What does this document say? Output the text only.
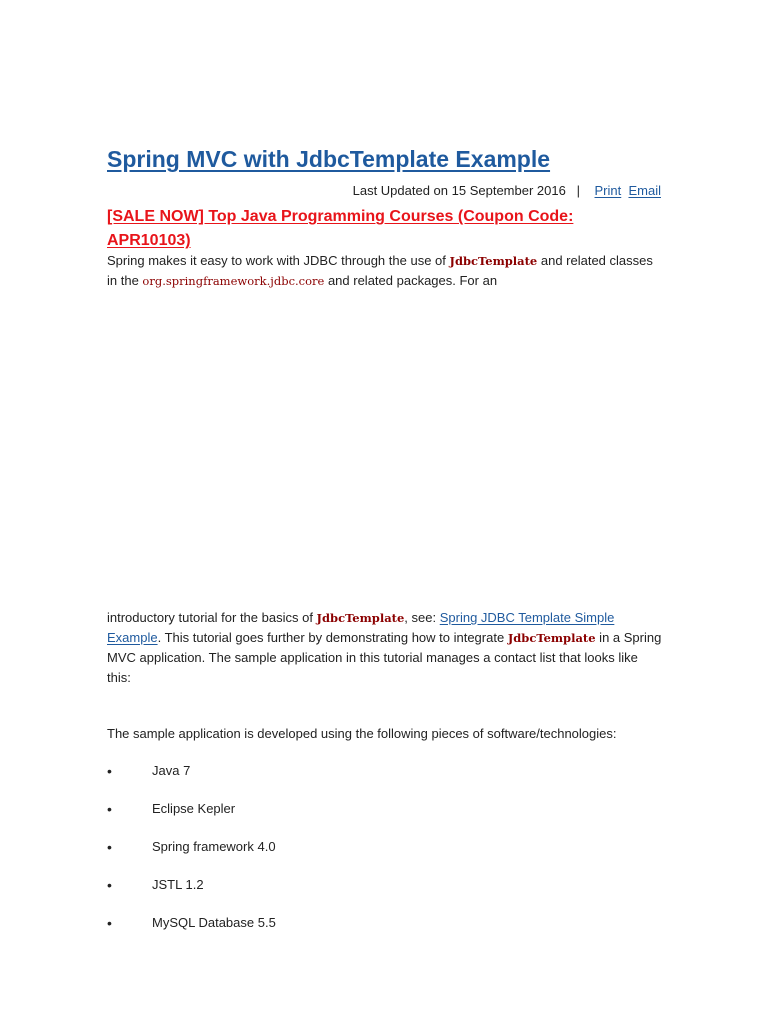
Spring MVC with JdbcTemplate Example
Last Updated on 15 September 2016 | Print Email
[SALE NOW] Top Java Programming Courses (Coupon Code: APR10103)

Spring makes it easy to work with JDBC through the use of JdbcTemplate and related classes in the org.springframework.jdbc.core and related packages. For an

introductory tutorial for the basics of JdbcTemplate, see: Spring JDBC Template Simple Example. This tutorial goes further by demonstrating how to integrate JdbcTemplate in a Spring MVC application. The sample application in this tutorial manages a contact list that looks like this:

The sample application is developed using the following pieces of software/technologies:

•	Java 7
•	Eclipse Kepler
•	Spring framework 4.0
•	JSTL 1.2
•	MySQL Database 5.5
